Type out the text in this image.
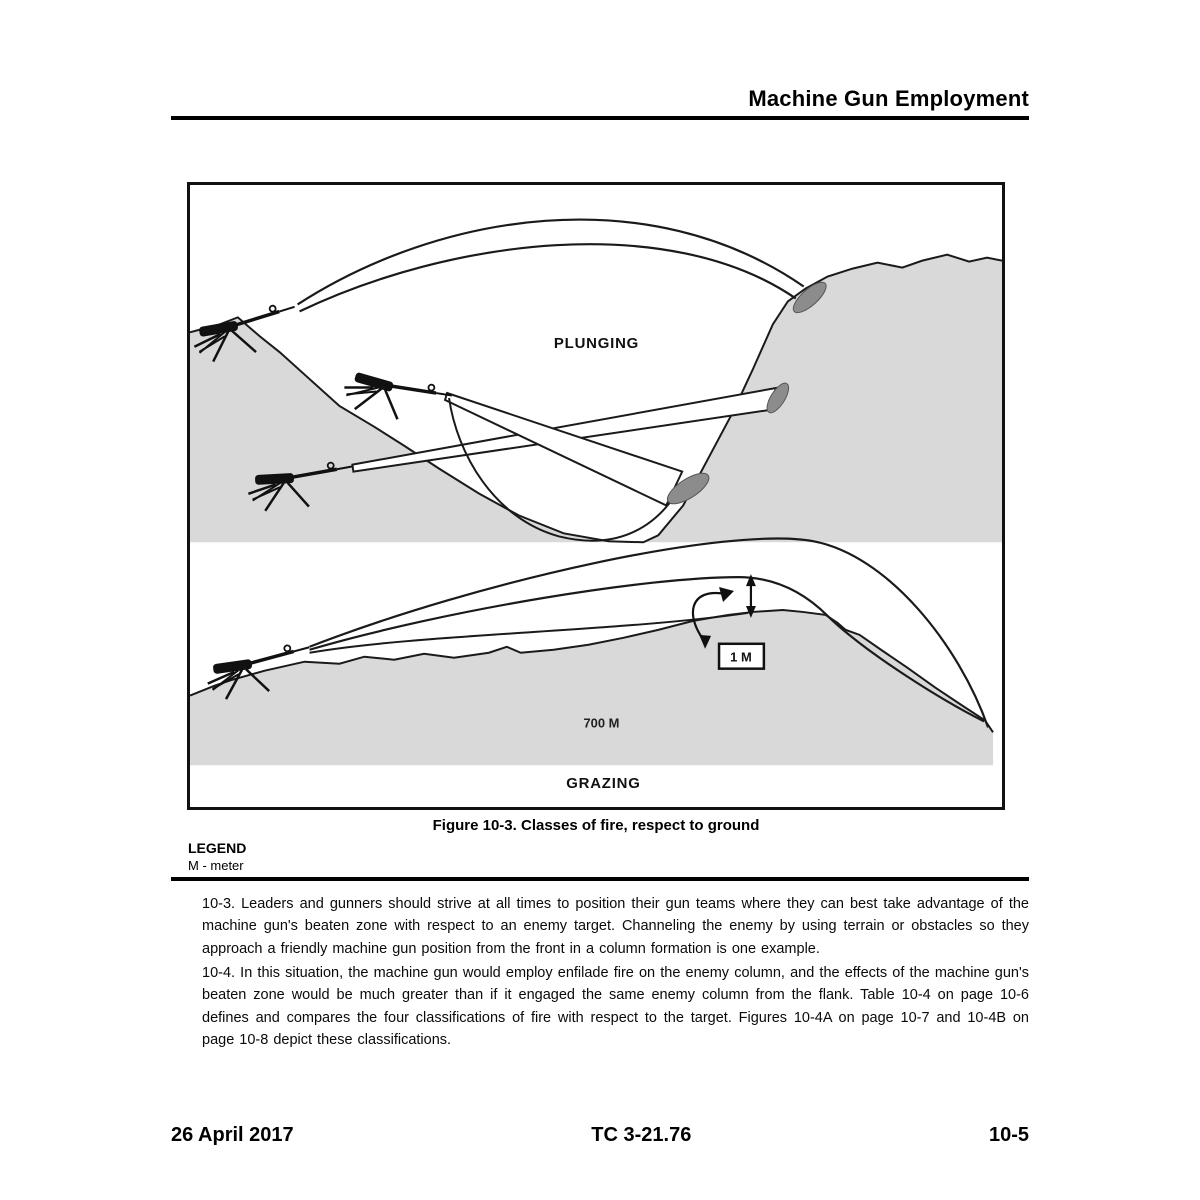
Machine Gun Employment
PLUNGING
1 M
700 M
GRAZING
Figure 10-3. Classes of fire, respect to ground
LEGEND
M - meter

10-3. Leaders and gunners should strive at all times to position their gun teams where they can best take advantage of the machine gun's beaten zone with respect to an enemy target. Channeling the enemy by using terrain or obstacles so they approach a friendly machine gun position from the front in a column formation is one example.

10-4. In this situation, the machine gun would employ enfilade fire on the enemy column, and the effects of the machine gun's beaten zone would be much greater than if it engaged the same enemy column from the flank. Table 10-4 on page 10-6 defines and compares the four classifications of fire with respect to the target. Figures 10-4A on page 10-7 and 10-4B on page 10-8 depict these classifications.

26 April 2017	TC 3-21.76	10-5
